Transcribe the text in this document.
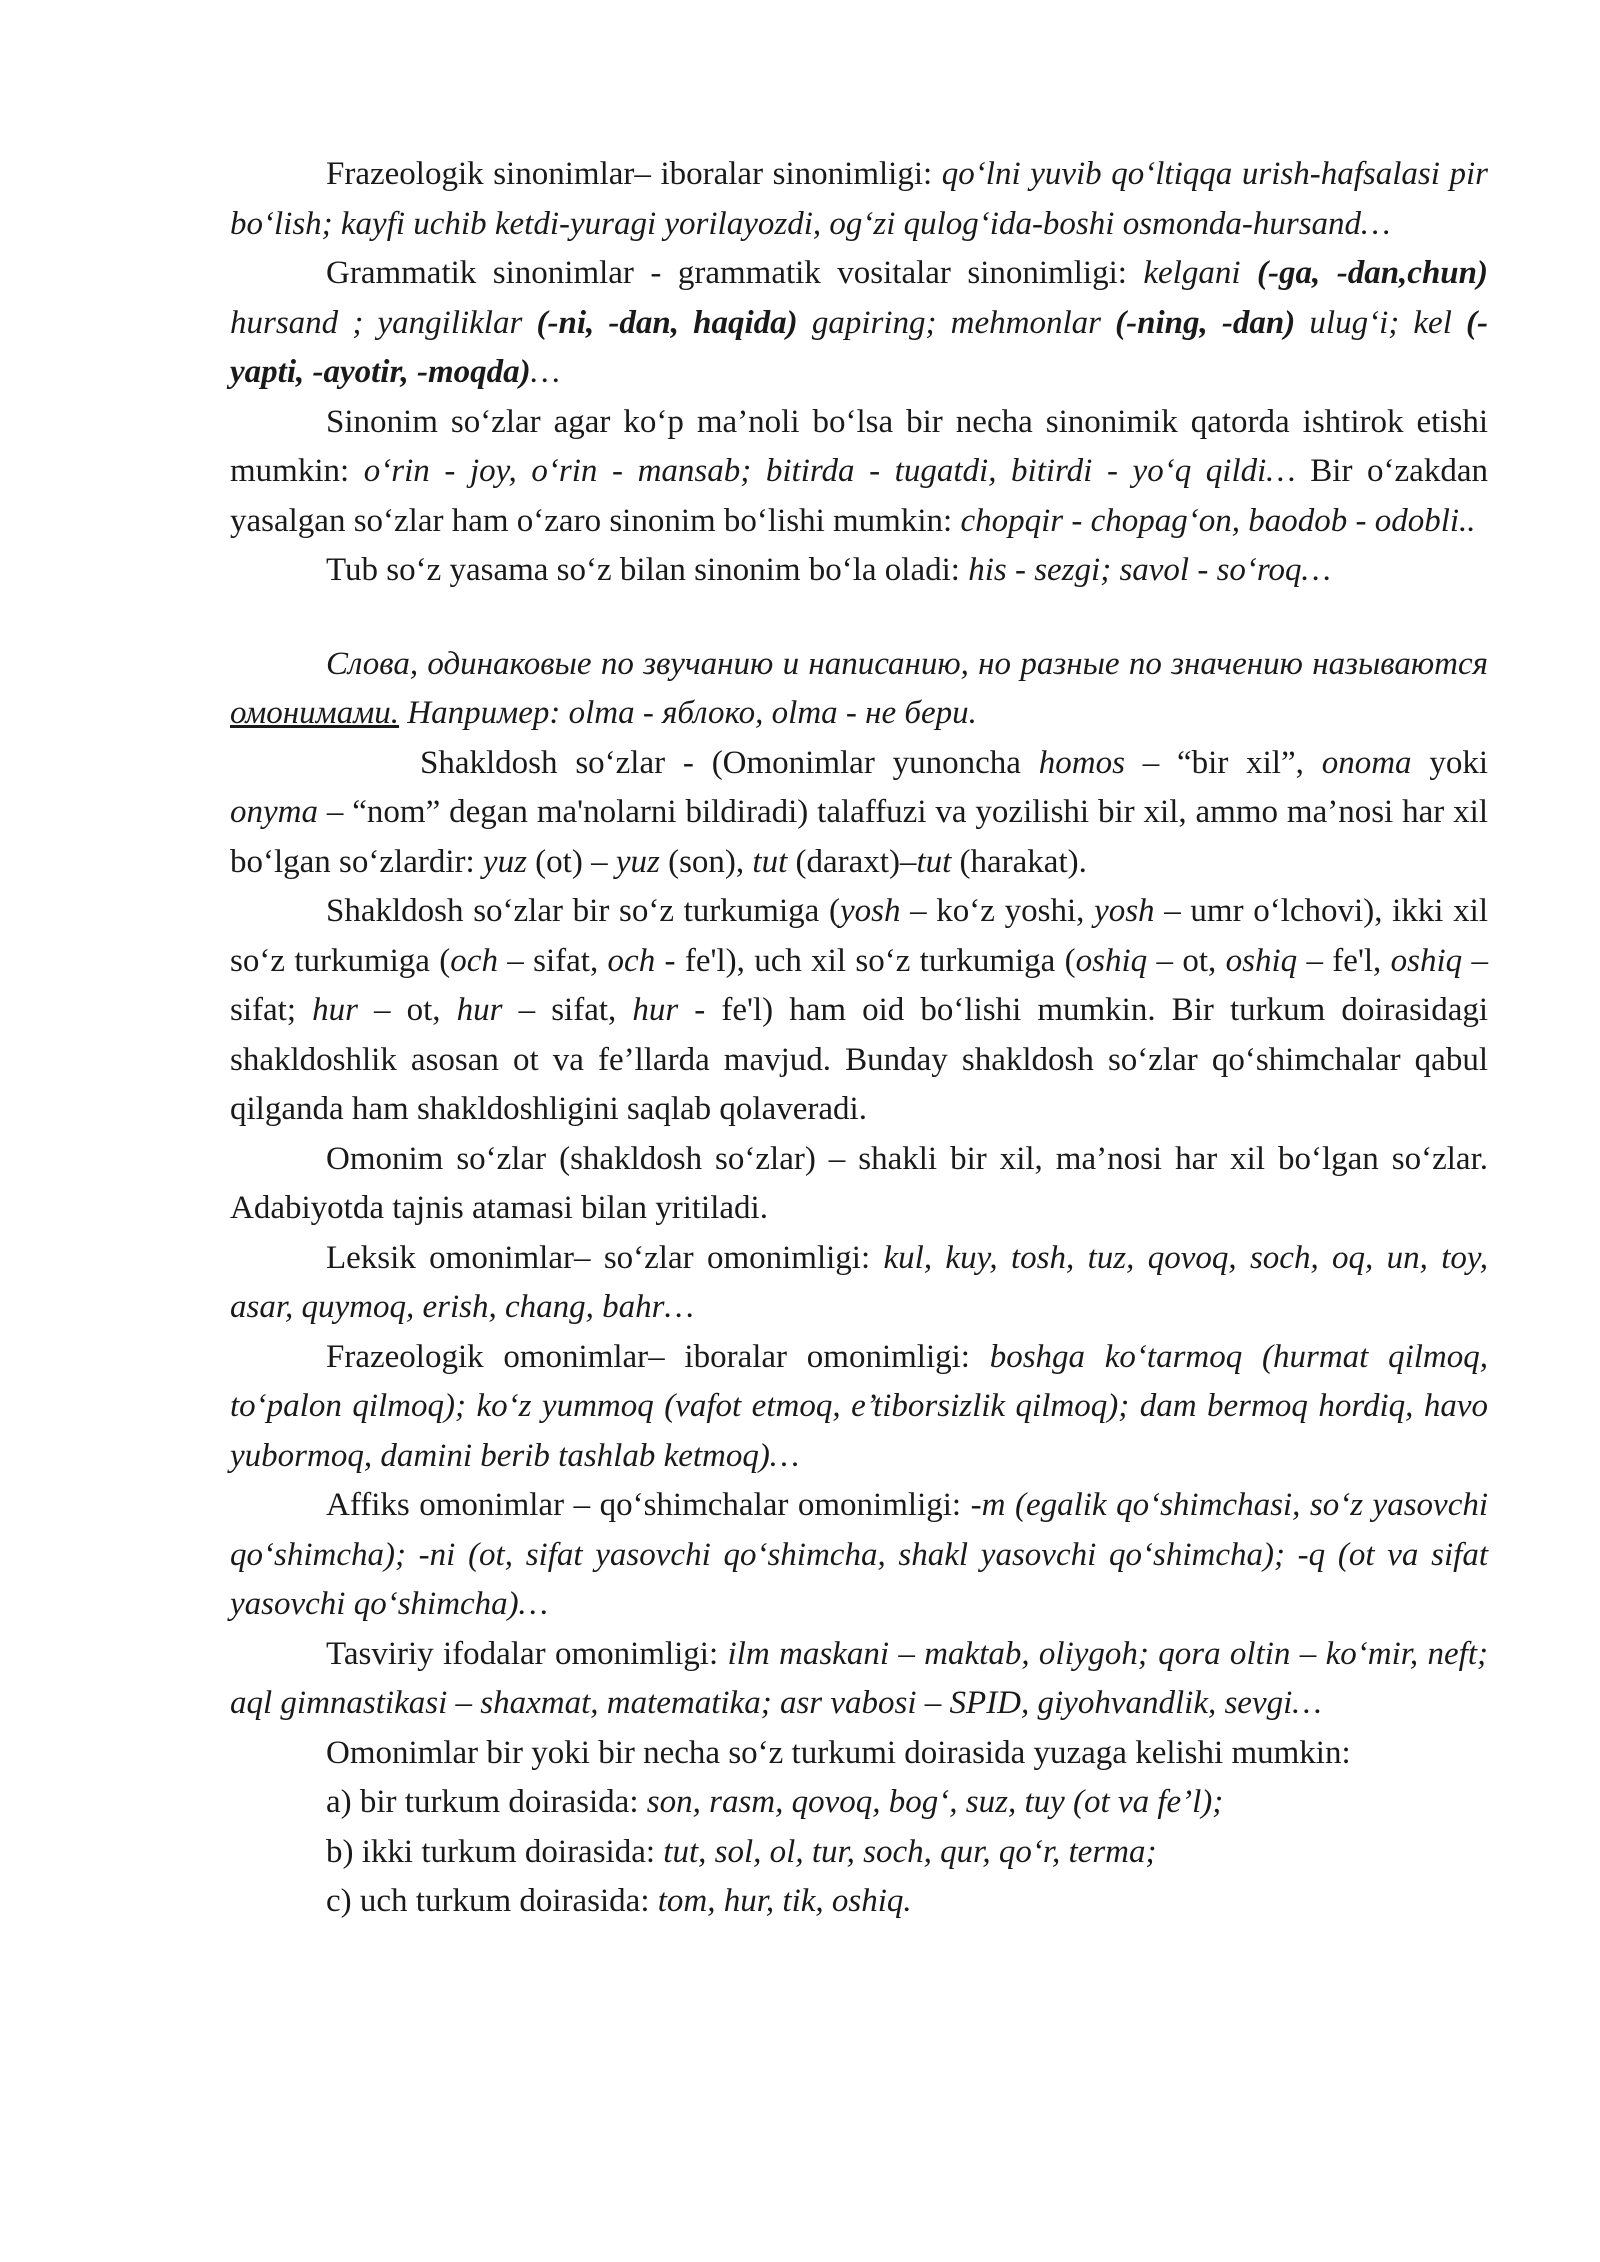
Frazeologik sinonimlar– iboralar sinonimligi: qo‘lni yuvib qo‘ltiqqa urish-hafsalasi pir bo‘lish; kayfi uchib ketdi-yuragi yorilayozdi, og‘zi qulog‘ida-boshi osmonda-hursand…

Grammatik sinonimlar - grammatik vositalar sinonimligi: kelgani (-ga, -dan,chun) hursand ; yangiliklar (-ni, -dan, haqida) gapiring; mehmonlar (-ning, -dan) ulug‘i; kel (-yapti, -ayotir, -moqda)…

Sinonim so‘zlar agar ko‘p ma’noli bo‘lsa bir necha sinonimik qatorda ishtirok etishi mumkin: o‘rin - joy, o‘rin - mansab; bitirda - tugatdi, bitirdi - yo‘q qildi… Bir o‘zakdan yasalgan so‘zlar ham o‘zaro sinonim bo‘lishi mumkin: chopqir - chopag‘on, baodob - odobli..

Tub so‘z yasama so‘z bilan sinonim bo‘la oladi: his - sezgi; savol - so‘roq…

Слова, одинаковые по звучанию и написанию, но разные по значению называются омонимами. Например: olma - яблоко, olma - не бери.

Shakldosh so‘zlar - (Omonimlar yunoncha homos – “bir xil”, onoma yoki onyma – “nom” degan ma'nolarni bildiradi) talaffuzi va yozilishi bir xil, ammo ma’nosi har xil bo‘lgan so‘zlardir: yuz (ot) – yuz (son), tut (daraxt)–tut (harakat).

Shakldosh so‘zlar bir so‘z turkumiga (yosh – ko‘z yoshi, yosh – umr o‘lchovi), ikki xil so‘z turkumiga (och – sifat, och - fe'l), uch xil so‘z turkumiga (oshiq – ot, oshiq – fe'l, oshiq – sifat; hur – ot, hur – sifat, hur - fe'l) ham oid bo‘lishi mumkin. Bir turkum doirasidagi shakldoshlik asosan ot va fe’llarda mavjud. Bunday shakldosh so‘zlar qo‘shimchalar qabul qilganda ham shakldoshligini saqlab qolaveradi.

Omonim so‘zlar (shakldosh so‘zlar) – shakli bir xil, ma’nosi har xil bo‘lgan so‘zlar. Adabiyotda tajnis atamasi bilan yritiladi.

Leksik omonimlar– so‘zlar omonimligi: kul, kuy, tosh, tuz, qovoq, soch, oq, un, toy, asar, quymoq, erish, chang, bahr…

Frazeologik omonimlar– iboralar omonimligi: boshga ko‘tarmoq (hurmat qilmoq, to‘palon qilmoq); ko‘z yummoq (vafot etmoq, e’tiborsizlik qilmoq); dam bermoq hordiq, havo yubormoq, damini berib tashlab ketmoq)…

Affiks omonimlar – qo‘shimchalar omonimligi: -m (egalik qo‘shimchasi, so‘z yasovchi qo‘shimcha); -ni (ot, sifat yasovchi qo‘shimcha, shakl yasovchi qo‘shimcha); -q (ot va sifat yasovchi qo‘shimcha)…

Tasviriy ifodalar omonimligi: ilm maskani – maktab, oliygoh; qora oltin – ko‘mir, neft; aql gimnastikasi – shaxmat, matematika; asr vabosi – SPID, giyohvandlik, sevgi…

Omonimlar bir yoki bir necha so‘z turkumi doirasida yuzaga kelishi mumkin:

a) bir turkum doirasida: son, rasm, qovoq, bog‘, suz, tuy (ot va fe’l);

b) ikki turkum doirasida: tut, sol, ol, tur, soch, qur, qo‘r, terma;

c) uch turkum doirasida: tom, hur, tik, oshiq.
